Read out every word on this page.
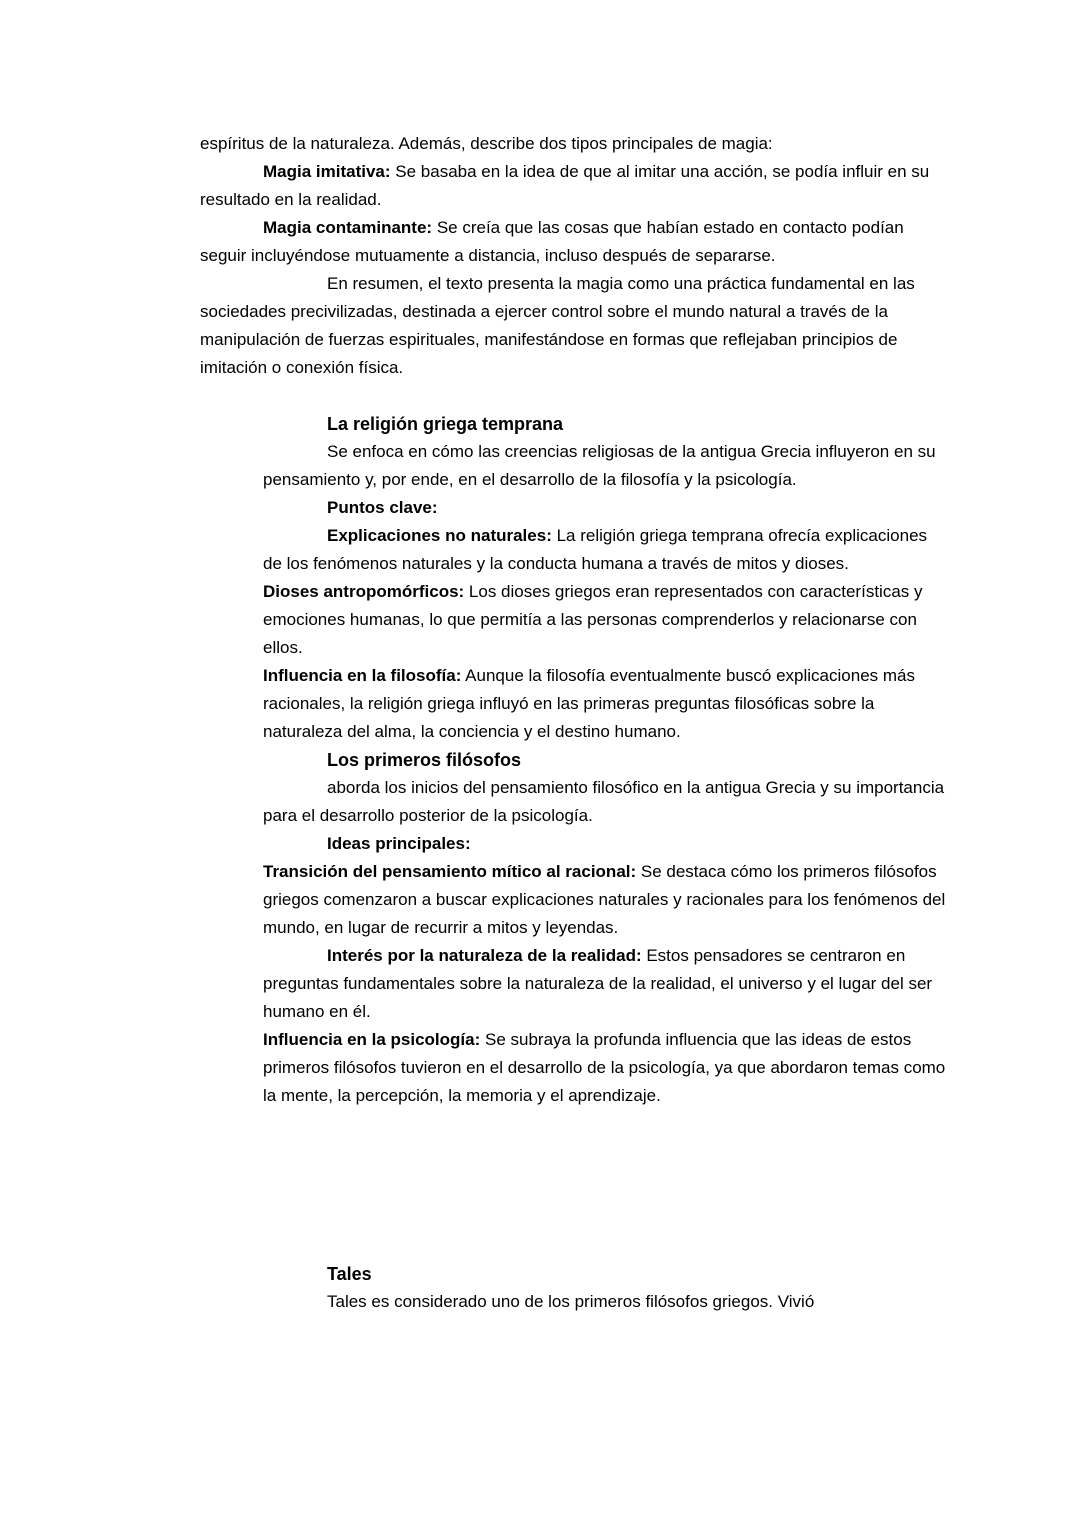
espíritus de la naturaleza. Además, describe dos tipos principales de magia:

Magia imitativa: Se basaba en la idea de que al imitar una acción, se podía influir en su resultado en la realidad.

Magia contaminante: Se creía que las cosas que habían estado en contacto podían seguir incluyéndose mutuamente a distancia, incluso después de separarse.

En resumen, el texto presenta la magia como una práctica fundamental en las sociedades precivilizadas, destinada a ejercer control sobre el mundo natural a través de la manipulación de fuerzas espirituales, manifestándose en formas que reflejaban principios de imitación o conexión física.

La religión griega temprana

Se enfoca en cómo las creencias religiosas de la antigua Grecia influyeron en su pensamiento y, por ende, en el desarrollo de la filosofía y la psicología.

Puntos clave:

Explicaciones no naturales: La religión griega temprana ofrecía explicaciones de los fenómenos naturales y la conducta humana a través de mitos y dioses.

Dioses antropomórficos: Los dioses griegos eran representados con características y emociones humanas, lo que permitía a las personas comprenderlos y relacionarse con ellos.

Influencia en la filosofía: Aunque la filosofía eventualmente buscó explicaciones más racionales, la religión griega influyó en las primeras preguntas filosóficas sobre la naturaleza del alma, la conciencia y el destino humano.

Los primeros filósofos

aborda los inicios del pensamiento filosófico en la antigua Grecia y su importancia para el desarrollo posterior de la psicología.

Ideas principales:

Transición del pensamiento mítico al racional: Se destaca cómo los primeros filósofos griegos comenzaron a buscar explicaciones naturales y racionales para los fenómenos del mundo, en lugar de recurrir a mitos y leyendas.

Interés por la naturaleza de la realidad: Estos pensadores se centraron en preguntas fundamentales sobre la naturaleza de la realidad, el universo y el lugar del ser humano en él.

Influencia en la psicología: Se subraya la profunda influencia que las ideas de estos primeros filósofos tuvieron en el desarrollo de la psicología, ya que abordaron temas como la mente, la percepción, la memoria y el aprendizaje.

Tales

Tales es considerado uno de los primeros filósofos griegos. Vivió
